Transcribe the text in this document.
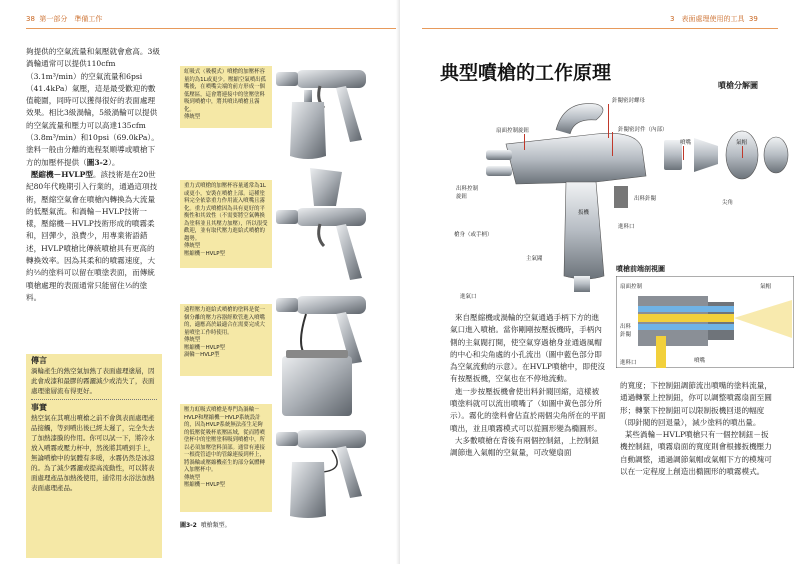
38 第一部分　準備工作
夠提供的空氣流量和氣壓就會愈高。3級渦輪通常可以提供110cfm（3.1m³/min）的空氣流量和6psi（41.4kPa）氣壓，這是最受歡迎的數值範圍，同時可以獲得很好的表面處理效果。相比3級渦輪，5級渦輪可以提供的空氣流量和壓力可以高達135cfm（3.8m³/min）和10psi（69.0kPa）。塗料一般由分離的進程泵順導或噴槍下方的加壓杯提供（圖3-2）。
壓縮機－HVLP型。該技術是在20世紀80年代晚期引入行業的，通過這項技術，壓縮空氣會在噴槍內轉換為大流量的低壓氣流。和渦輪－HVLP技術一樣，壓縮機－HVLP技術形成的噴霧柔和，回彈少，浪費少，用專業術語錯述，HVLP噴槍比傳統噴槍具有更高的轉換效率。因為其柔和的噴霧速度，大約⅔的塗料可以留在噴塗表面，而傳統噴槍處理的表面通常只能留住⅓的塗料。
傳言
渦輪產生的熱空氣加熱了表面處理塗層，因此會成漆和最膠的霧灑減少或消失了，表面處理塗層流布得更好。
事實
熱空氣在其噴出噴槍之前不會與表面處理產品接觸，等到噴出後已經太遲了，完全失去了加熱漆膜的作用。你可以試一下，將冷水放入噴霧或壓力杯中，然後將其噴到手上，無論噴槍中的氣體有多暖，水霧仍然是冰涼的。為了減少霧灑或提高流動性，可以將表面處理產品加熱後使用，通常用水浴法加熱表面處理產品。
虹吸式（吸模式）噴槍的加壓杯容量約為1L或更少。壓縮空氣噴出孤嘴後，在噴嘴尖端的前方形成一個低壓區，這會將連接中的塗壓塗料吸到噴槍中，將其噴出噴槍且霧化。
傳統型
重力式噴槍的加壓杯容量通常為1L或更小，安裝在噴槍上部。這種塗料完全依靠重力作用流入噴嘴且霧化。重力式噴槍因為具有更好的平衡性和其效性（不需要將空氣轉換為塗料並且其壓力加壓），所以很受歡迎，並有取代壓力進給式噴槍的趨勢。
傳統型
壓縮機－HVLP型
遠程壓力進給式噴槍的塗料是從一個分離的壓力容器經軟管進入噴嘴的，適應高於最適合在需要完成大量噴塗工作時使用。
傳統型
壓縮機－HVLP型
渦輪－HVLP型
壓力虹吸式噴槍是專門為渦輪－HVLP和壓縮機－HVLP系統設計的，因為HVLP系統無法產生足夠的低壓從吸杯底壓區域，從而將噴塗杯中的塗壓塗料吸到噴槍中，所以必須加壓塗料頂部。通常有連接一根從管道中的管線連接到杯上，將渦輪或壓縮機產生的部分氣體轉入加壓杯中。
傳統型
壓縮機－HVLP型
圖3-2 噴槍類型。
3　表面處理使用的工具 39
典型噴槍的工作原理
噴槍分解圖
針閥密封螺母
針閥密封件（內部）
噴嘴	氣帽
尖角
扇面控制旋鈕
出料控制旋鈕
扳機
出料針閥
槍身（或手柄）
主氣閥
進料口
進氣口
噴槍前端剖視圖
扇面控制
出料針閥
氣帽
噴嘴
進料口
來自壓縮機或渦輪的空氣通過手柄下方的進氣口進入噴槍。當你剛剛按壓扳機時，手柄內側的主氣閥打開，使空氣穿過槍身並通過風帽的中心和尖角處的小孔流出（圖中藍色部分即為空氣流動的示意）。在HVLP噴槍中，即使沒有按壓扳機，空氣也在不停地流動。
進一步按壓扳機會使出料針閥回縮，這樣被噴塗料就可以流出噴嘴了（如圖中黃色部分所示）。霧化的塗料會佔直於兩個尖角所在的平面噴出，並且噴霧模式可以從圓形變為橢圓形。
大多數噴槍在背後有兩個控制鈕，上控制鈕調節進入氣帽的空氣量，可改變扇面
的寬度；下控制鈕調節流出噴嘴的塗料流量，通過轉緊上控制鈕，你可以調整噴霧扇面至圓形；轉緊下控制鈕可以限制扳機回退的幅度（即針閥的回退量），減少塗料的噴出量。
某些渦輪－HVLP噴槍只有一個控制鈕－扳機控制鈕，噴霧扇面的寬度則會根據扳機壓力自動調整，通過調節氣帽或氣帽下方的模塊可以在一定程度上創造出橢圓形的噴霧模式。
